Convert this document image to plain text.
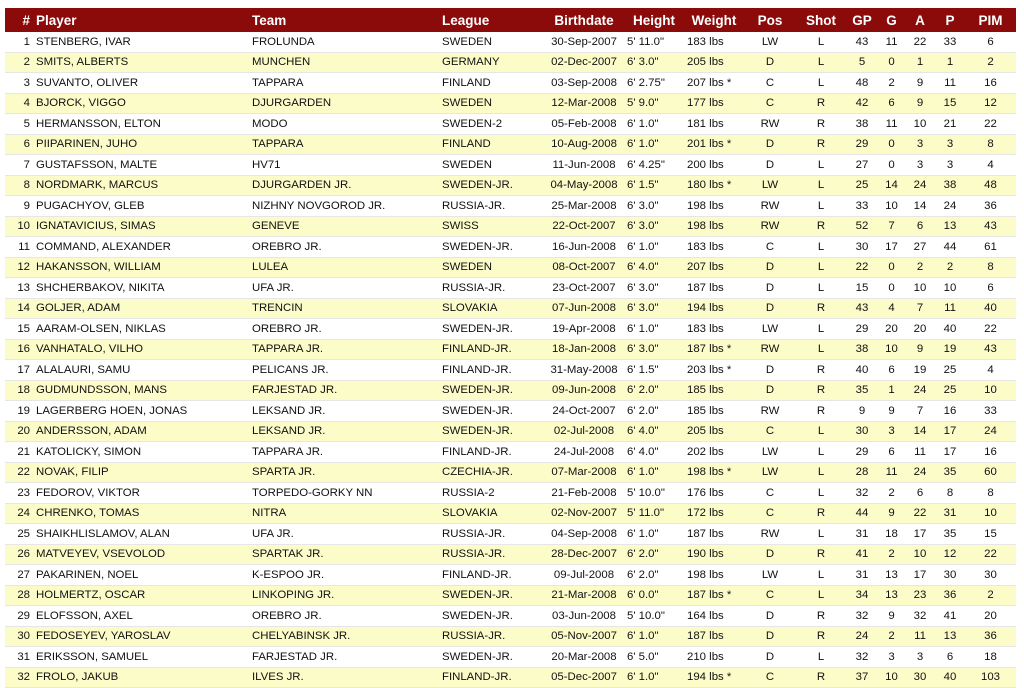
#	Player	Team	League	Birthdate	Height	Weight	Pos	Shot	GP	G	A	P	PIM
1	STENBERG, IVAR	FROLUNDA	SWEDEN	30-Sep-2007	5' 11.0"	183 lbs	LW	L	43	11	22	33	6
2	SMITS, ALBERTS	MUNCHEN	GERMANY	02-Dec-2007	6' 3.0"	205 lbs	D	L	5	0	1	1	2
3	SUVANTO, OLIVER	TAPPARA	FINLAND	03-Sep-2008	6' 2.75"	207 lbs *	C	L	48	2	9	11	16
4	BJORCK, VIGGO	DJURGARDEN	SWEDEN	12-Mar-2008	5' 9.0"	177 lbs	C	R	42	6	9	15	12
5	HERMANSSON, ELTON	MODO	SWEDEN-2	05-Feb-2008	6' 1.0"	181 lbs	RW	R	38	11	10	21	22
6	PIIPARINEN, JUHO	TAPPARA	FINLAND	10-Aug-2008	6' 1.0"	201 lbs *	D	R	29	0	3	3	8
7	GUSTAFSSON, MALTE	HV71	SWEDEN	11-Jun-2008	6' 4.25"	200 lbs	D	L	27	0	3	3	4
8	NORDMARK, MARCUS	DJURGARDEN JR.	SWEDEN-JR.	04-May-2008	6' 1.5"	180 lbs *	LW	L	25	14	24	38	48
9	PUGACHYOV, GLEB	NIZHNY NOVGOROD JR.	RUSSIA-JR.	25-Mar-2008	6' 3.0"	198 lbs	RW	L	33	10	14	24	36
10	IGNATAVICIUS, SIMAS	GENEVE	SWISS	22-Oct-2007	6' 3.0"	198 lbs	RW	R	52	7	6	13	43
11	COMMAND, ALEXANDER	OREBRO JR.	SWEDEN-JR.	16-Jun-2008	6' 1.0"	183 lbs	C	L	30	17	27	44	61
12	HAKANSSON, WILLIAM	LULEA	SWEDEN	08-Oct-2007	6' 4.0"	207 lbs	D	L	22	0	2	2	8
13	SHCHERBAKOV, NIKITA	UFA JR.	RUSSIA-JR.	23-Oct-2007	6' 3.0"	187 lbs	D	L	15	0	10	10	6
14	GOLJER, ADAM	TRENCIN	SLOVAKIA	07-Jun-2008	6' 3.0"	194 lbs	D	R	43	4	7	11	40
15	AARAM-OLSEN, NIKLAS	OREBRO JR.	SWEDEN-JR.	19-Apr-2008	6' 1.0"	183 lbs	LW	L	29	20	20	40	22
16	VANHATALO, VILHO	TAPPARA JR.	FINLAND-JR.	18-Jan-2008	6' 3.0"	187 lbs *	RW	L	38	10	9	19	43
17	ALALAURI, SAMU	PELICANS JR.	FINLAND-JR.	31-May-2008	6' 1.5"	203 lbs *	D	R	40	6	19	25	4
18	GUDMUNDSSON, MANS	FARJESTAD JR.	SWEDEN-JR.	09-Jun-2008	6' 2.0"	185 lbs	D	R	35	1	24	25	10
19	LAGERBERG HOEN, JONAS	LEKSAND JR.	SWEDEN-JR.	24-Oct-2007	6' 2.0"	185 lbs	RW	R	9	9	7	16	33
20	ANDERSSON, ADAM	LEKSAND JR.	SWEDEN-JR.	02-Jul-2008	6' 4.0"	205 lbs	C	L	30	3	14	17	24
21	KATOLICKY, SIMON	TAPPARA JR.	FINLAND-JR.	24-Jul-2008	6' 4.0"	202 lbs	LW	L	29	6	11	17	16
22	NOVAK, FILIP	SPARTA JR.	CZECHIA-JR.	07-Mar-2008	6' 1.0"	198 lbs *	LW	L	28	11	24	35	60
23	FEDOROV, VIKTOR	TORPEDO-GORKY NN	RUSSIA-2	21-Feb-2008	5' 10.0"	176 lbs	C	L	32	2	6	8	8
24	CHRENKO, TOMAS	NITRA	SLOVAKIA	02-Nov-2007	5' 11.0"	172 lbs	C	R	44	9	22	31	10
25	SHAIKHLISLAMOV, ALAN	UFA JR.	RUSSIA-JR.	04-Sep-2008	6' 1.0"	187 lbs	RW	L	31	18	17	35	15
26	MATVEYEV, VSEVOLOD	SPARTAK JR.	RUSSIA-JR.	28-Dec-2007	6' 2.0"	190 lbs	D	R	41	2	10	12	22
27	PAKARINEN, NOEL	K-ESPOO JR.	FINLAND-JR.	09-Jul-2008	6' 2.0"	198 lbs	LW	L	31	13	17	30	30
28	HOLMERTZ, OSCAR	LINKOPING JR.	SWEDEN-JR.	21-Mar-2008	6' 0.0"	187 lbs *	C	L	34	13	23	36	2
29	ELOFSSON, AXEL	OREBRO JR.	SWEDEN-JR.	03-Jun-2008	5' 10.0"	164 lbs	D	R	32	9	32	41	20
30	FEDOSEYEV, YAROSLAV	CHELYABINSK JR.	RUSSIA-JR.	05-Nov-2007	6' 1.0"	187 lbs	D	R	24	2	11	13	36
31	ERIKSSON, SAMUEL	FARJESTAD JR.	SWEDEN-JR.	20-Mar-2008	6' 5.0"	210 lbs	D	L	32	3	3	6	18
32	FROLO, JAKUB	ILVES JR.	FINLAND-JR.	05-Dec-2007	6' 1.0"	194 lbs *	C	R	37	10	30	40	103
